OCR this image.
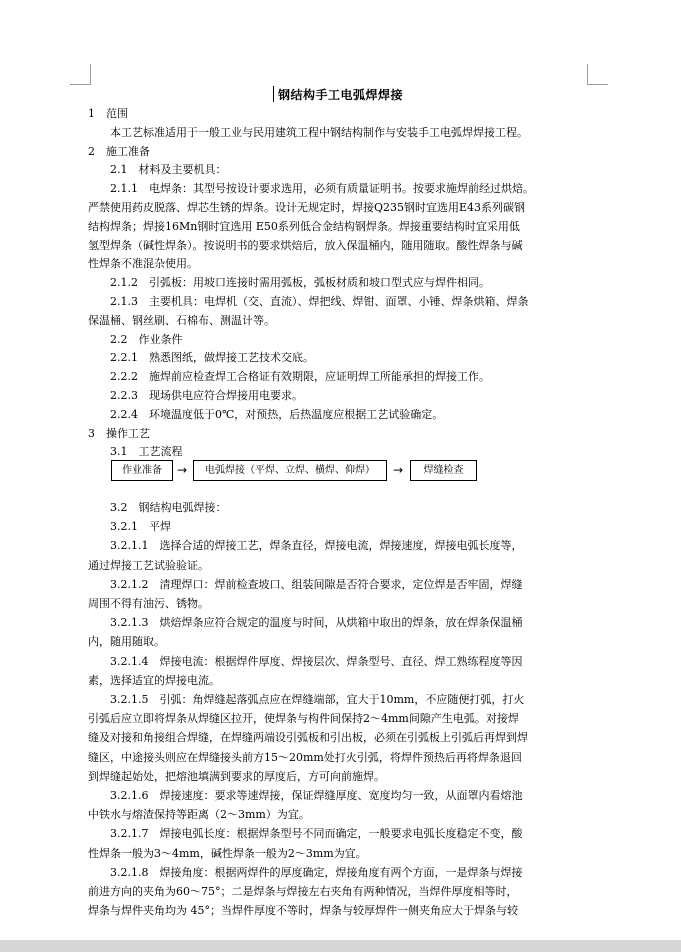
钢结构手工电弧焊焊接
1　范围
　　本工艺标准适用于一般工业与民用建筑工程中钢结构制作与安装手工电弧焊焊接工程。
2　施工准备
　　2.1　材料及主要机具：
　　2.1.1　电焊条：其型号按设计要求选用，必须有质量证明书。按要求施焊前经过烘焙。
严禁使用药皮脱落、焊芯生锈的焊条。设计无规定时，焊接Q235钢时宜选用E43系列碳钢
结构焊条；焊接16Mn钢时宜选用 E50系列低合金结构钢焊条。焊接重要结构时宜采用低
氢型焊条（碱性焊条）。按说明书的要求烘焙后，放入保温桶内，随用随取。酸性焊条与碱
性焊条不准混杂使用。
　　2.1.2　引弧板：用坡口连接时需用弧板，弧板材质和坡口型式应与焊件相同。
　　2.1.3　主要机具：电焊机（交、直流）、焊把线、焊钳、面罩、小锤、焊条烘箱、焊条
保温桶、钢丝刷、石棉布、测温计等。
　　2.2　作业条件
　　2.2.1　熟悉图纸，做焊接工艺技术交底。
　　2.2.2　施焊前应检查焊工合格证有效期限，应证明焊工所能承担的焊接工作。
　　2.2.3　现场供电应符合焊接用电要求。
　　2.2.4　环境温度低于0℃，对预热，后热温度应根据工艺试验确定。
3　操作工艺
　　3.1　工艺流程
　　3.2　钢结构电弧焊接：
　　3.2.1　平焊
　　3.2.1.1　选择合适的焊接工艺，焊条直径，焊接电流，焊接速度，焊接电弧长度等，
通过焊接工艺试验验证。
　　3.2.1.2　清理焊口：焊前检查坡口、组装间隙是否符合要求，定位焊是否牢固，焊缝
周围不得有油污、锈物。
　　3.2.1.3　烘焙焊条应符合规定的温度与时间，从烘箱中取出的焊条，放在焊条保温桶
内，随用随取。
　　3.2.1.4　焊接电流：根据焊件厚度、焊接层次、焊条型号、直径、焊工熟练程度等因
素，选择适宜的焊接电流。
　　3.2.1.5　引弧：角焊缝起落弧点应在焊缝端部，宜大于10mm，不应随便打弧，打火
引弧后应立即将焊条从焊缝区拉开，使焊条与构件间保持2～4mm间隙产生电弧。对接焊
缝及对接和角接组合焊缝，在焊缝两端设引弧板和引出板，必须在引弧板上引弧后再焊到焊
缝区，中途接头则应在焊缝接头前方15～20mm处打火引弧，将焊件预热后再将焊条退回
到焊缝起始处，把熔池填满到要求的厚度后，方可向前施焊。
　　3.2.1.6　焊接速度：要求等速焊接，保证焊缝厚度、宽度均匀一致，从面罩内看熔池
中铁水与熔渣保持等距离（2～3mm）为宜。
　　3.2.1.7　焊接电弧长度：根据焊条型号不同而确定，一般要求电弧长度稳定不变，酸
性焊条一般为3～4mm，碱性焊条一般为2～3mm为宜。
　　3.2.1.8　焊接角度：根据两焊件的厚度确定，焊接角度有两个方面，一是焊条与焊接
前进方向的夹角为60～75°；二是焊条与焊接左右夹角有两种情况，当焊件厚度相等时，
焊条与焊件夹角均为 45°；当焊件厚度不等时，焊条与较厚焊件一侧夹角应大于焊条与较
作业准备	→	电弧焊接（平焊、立焊、横焊、仰焊）	→	焊缝检查
